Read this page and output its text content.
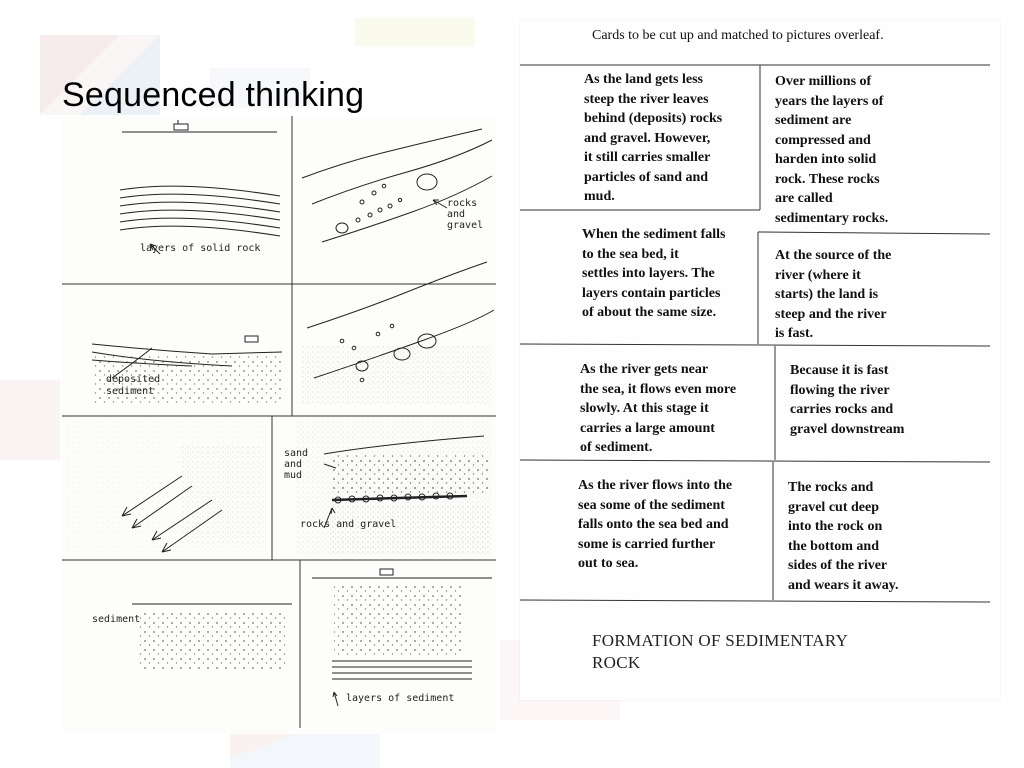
Sequenced thinking
layers of solid rock
rocks
and gravel
deposited
sediment
sand
and
mud
rocks and gravel
sediment
layers of sediment

Cards to be cut up and matched to pictures overleaf.

As the land gets less
steep the river leaves
behind (deposits) rocks
and gravel. However,
it still carries smaller
particles of sand and
mud.

Over millions of
years the layers of
sediment are
compressed and
harden into solid
rock. These rocks
are called
sedimentary rocks.

When the sediment falls
to the sea bed, it
settles into layers. The
layers contain particles
of about the same size.

At the source of the
river (where it
starts) the land is
steep and the river
is fast.

As the river gets near
the sea, it flows even more
slowly. At this stage it
carries a large amount
of sediment.

Because it is fast
flowing the river
carries rocks and
gravel downstream

As the river flows into the
sea some of the sediment
falls onto the sea bed and
some is carried further
out to sea.

The rocks and
gravel cut deep
into the rock on
the bottom and
sides of the river
and wears it away.

FORMATION OF SEDIMENTARY
ROCK
